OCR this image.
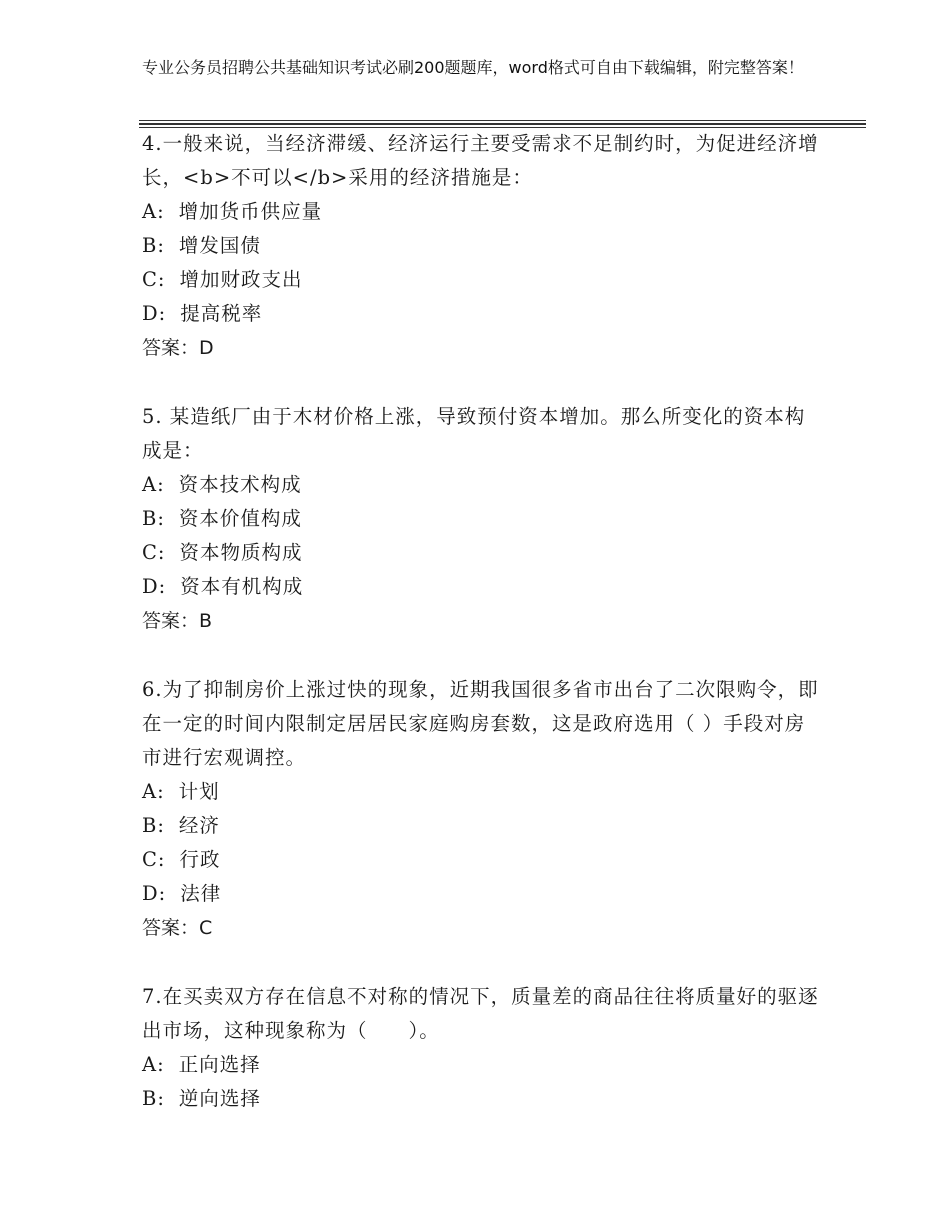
专业公务员招聘公共基础知识考试必刷200题题库，word格式可自由下载编辑，附完整答案！

4.一般来说，当经济滞缓、经济运行主要受需求不足制约时，为促进经济增长，<b>不可以</b>采用的经济措施是：

A: 增加货币供应量

B: 增发国债

C: 增加财政支出

D: 提高税率

答案：D

5. 某造纸厂由于木材价格上涨，导致预付资本增加。那么所变化的资本构成是：

A: 资本技术构成

B: 资本价值构成

C: 资本物质构成

D: 资本有机构成

答案：B

6.为了抑制房价上涨过快的现象，近期我国很多省市出台了二次限购令，即在一定的时间内限制定居居民家庭购房套数，这是政府选用（ ）手段对房市进行宏观调控。

A: 计划

B: 经济

C: 行政

D: 法律

答案：C

7.在买卖双方存在信息不对称的情况下，质量差的商品往往将质量好的驱逐出市场，这种现象称为（　　）。

A: 正向选择

B: 逆向选择
